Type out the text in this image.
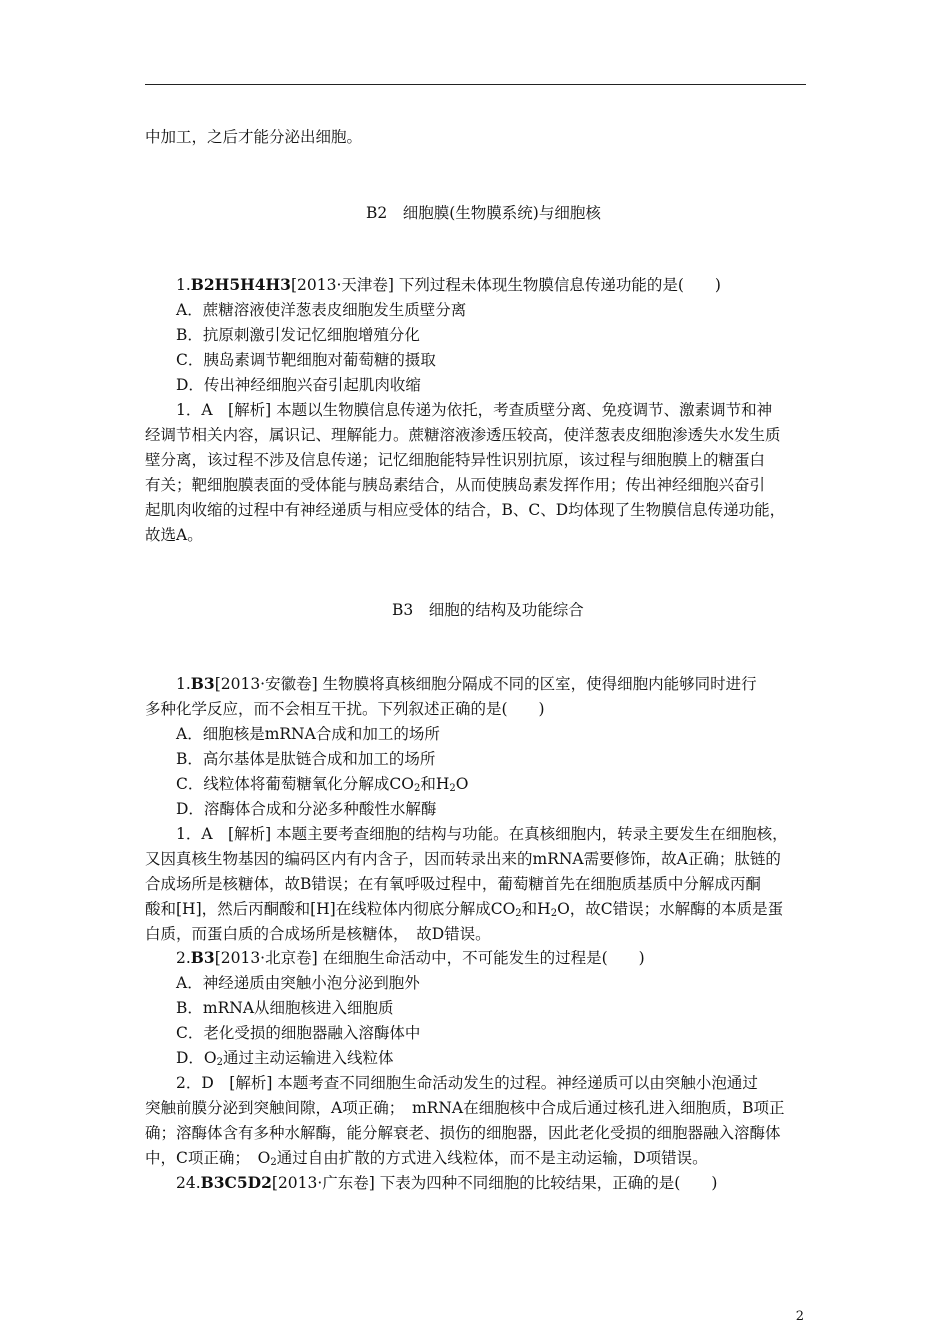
中加工，之后才能分泌出细胞。
B2　细胞膜(生物膜系统)与细胞核
1.B2H5H4H3[2013·天津卷] 下列过程未体现生物膜信息传递功能的是(　　)
A．蔗糖溶液使洋葱表皮细胞发生质壁分离
B．抗原刺激引发记忆细胞增殖分化
C．胰岛素调节靶细胞对葡萄糖的摄取
D．传出神经细胞兴奋引起肌肉收缩
1．A　[解析] 本题以生物膜信息传递为依托，考查质壁分离、免疫调节、激素调节和神
经调节相关内容，属识记、理解能力。蔗糖溶液渗透压较高，使洋葱表皮细胞渗透失水发生质
壁分离，该过程不涉及信息传递；记忆细胞能特异性识别抗原，该过程与细胞膜上的糖蛋白
有关；靶细胞膜表面的受体能与胰岛素结合，从而使胰岛素发挥作用；传出神经细胞兴奋引
起肌肉收缩的过程中有神经递质与相应受体的结合，B、C、D均体现了生物膜信息传递功能，
故选A。
B3　细胞的结构及功能综合
1.B3[2013·安徽卷] 生物膜将真核细胞分隔成不同的区室，使得细胞内能够同时进行
多种化学反应，而不会相互干扰。下列叙述正确的是(　　)
A．细胞核是mRNA合成和加工的场所
B．高尔基体是肽链合成和加工的场所
C．线粒体将葡萄糖氧化分解成$CO_2$和$H_2O$
D．溶酶体合成和分泌多种酸性水解酶
1．A　[解析] 本题主要考查细胞的结构与功能。在真核细胞内，转录主要发生在细胞核，
又因真核生物基因的编码区内有内含子，因而转录出来的mRNA需要修饰，故A正确；肽链的
合成场所是核糖体，故B错误；在有氧呼吸过程中，葡萄糖首先在细胞质基质中分解成丙酮
酸和[H]，然后丙酮酸和[H]在线粒体内彻底分解成$CO_2$和$H_2O$，故C错误；水解酶的本质是蛋
白质，而蛋白质的合成场所是核糖体，　故D错误。
2.B3[2013·北京卷] 在细胞生命活动中，不可能发生的过程是(　　)
A．神经递质由突触小泡分泌到胞外
B．mRNA从细胞核进入细胞质
C．老化受损的细胞器融入溶酶体中
D．$O_2$通过主动运输进入线粒体
2．D　[解析] 本题考查不同细胞生命活动发生的过程。神经递质可以由突触小泡通过
突触前膜分泌到突触间隙，A项正确；　mRNA在细胞核中合成后通过核孔进入细胞质，B项正
确；溶酶体含有多种水解酶，能分解衰老、损伤的细胞器，因此老化受损的细胞器融入溶酶体
中，C项正确；　$O_2$通过自由扩散的方式进入线粒体，而不是主动运输，D项错误。
24.B3C5D2[2013·广东卷] 下表为四种不同细胞的比较结果，正确的是(　　)
2
